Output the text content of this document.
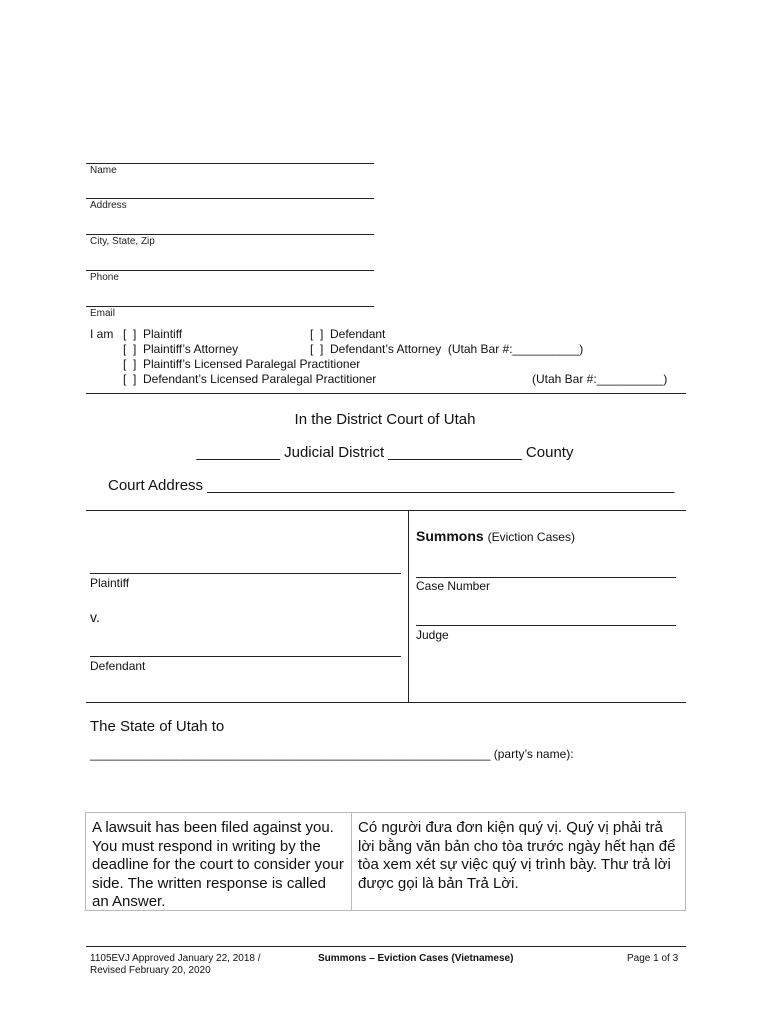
Name
Address
City, State, Zip
Phone
Email
I am [  ]  Plaintiff
[  ]  Plaintiff’s Attorney
[  ]  Plaintiff’s Licensed Paralegal Practitioner
[  ]  Defendant’s Licensed Paralegal Practitioner
[  ]  Defendant
[  ]  Defendant’s Attorney  (Utah Bar #:__________)
(Utah Bar #:__________)
In the District Court of Utah
__________ Judicial District ________________ County
Court Address ________________________________________________________
Plaintiff
v.
Defendant
Summons (Eviction Cases)
Case Number
Judge
The State of Utah to
____________________________________________________________ (party’s name):
A lawsuit has been filed against you. You must respond in writing by the deadline for the court to consider your side. The written response is called an Answer.
Có người đưa đơn kiện quý vị. Quý vị phải trả lời bằng văn bản cho tòa trước ngày hết hạn để tòa xem xét sự việc quý vị trình bày. Thư trả lời được gọi là bản Trả Lời.
1105EVJ Approved January 22, 2018 /
Revised February 20, 2020
Summons – Eviction Cases (Vietnamese)	Page 1 of 3
